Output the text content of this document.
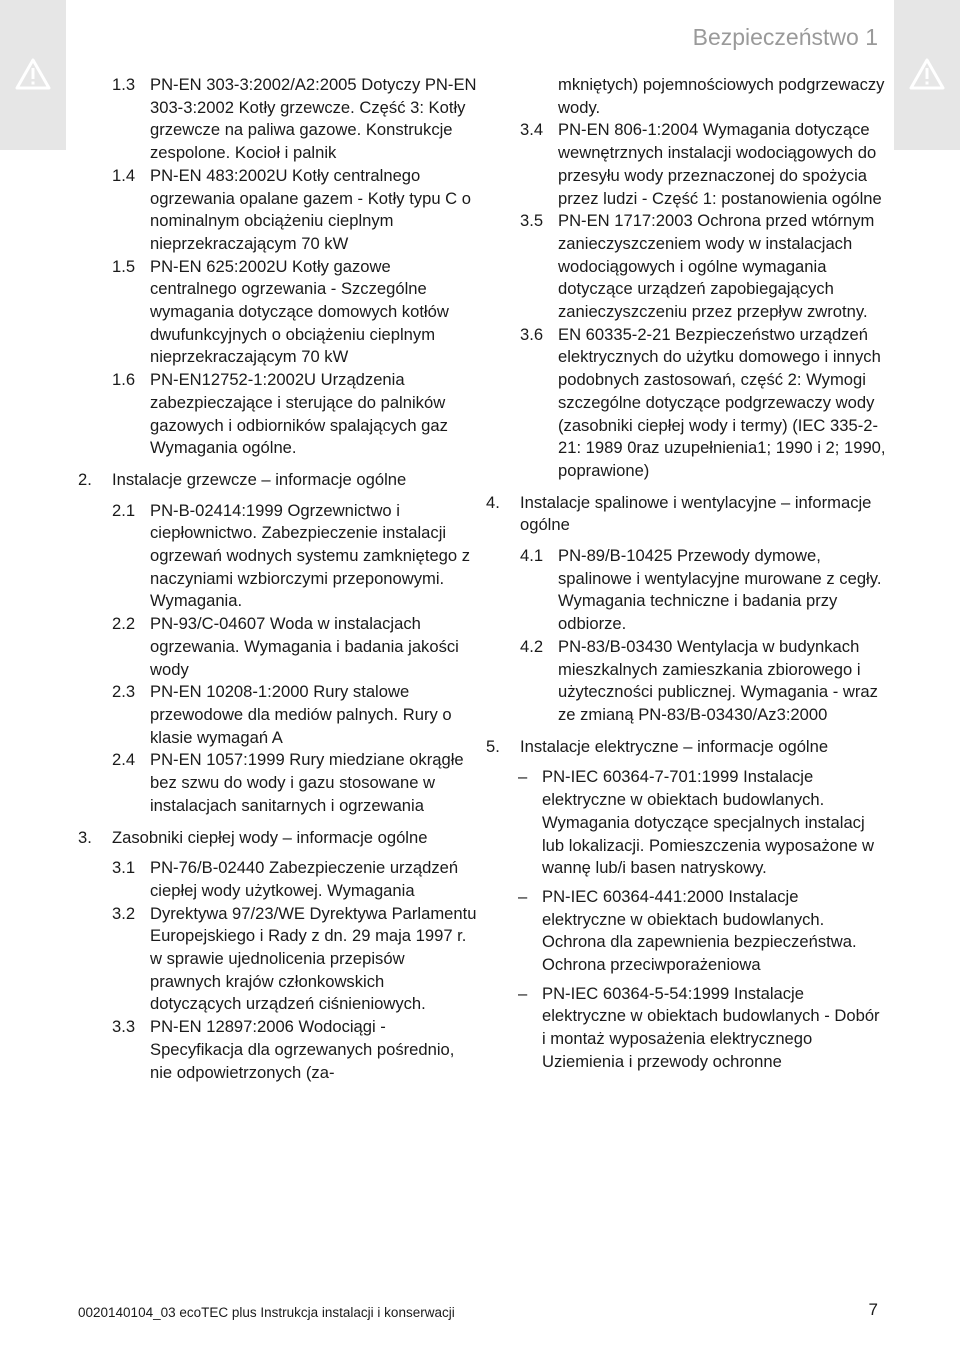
Bezpieczeństwo 1
1.3 PN-EN 303-3:2002/A2:2005 Dotyczy PN-EN 303-3:2002 Kotły grzewcze. Część 3: Kotły grzewcze na paliwa gazowe. Konstrukcje zespolone. Kocioł i palnik
1.4 PN-EN 483:2002U Kotły centralnego ogrzewania opalane gazem - Kotły typu C o nominalnym obciążeniu cieplnym nieprzekraczającym 70 kW
1.5 PN-EN 625:2002U Kotły gazowe centralnego ogrzewania - Szczególne wymagania dotyczące domowych kotłów dwufunkcyjnych o obciążeniu cieplnym nieprzekraczającym 70 kW
1.6 PN-EN12752-1:2002U Urządzenia zabezpieczające i sterujące do palników gazowych i odbiorników spalających gaz Wymagania ogólne.
2.	Instalacje grzewcze – informacje ogólne
2.1 PN-B-02414:1999 Ogrzewnictwo i ciepłownictwo. Zabezpieczenie instalacji ogrzewań wodnych systemu zamkniętego z naczyniami wzbiorczymi przeponowymi. Wymagania.
2.2 PN-93/C-04607 Woda w instalacjach ogrzewania. Wymagania i badania jakości wody
2.3 PN-EN 10208-1:2000 Rury stalowe przewodowe dla mediów palnych. Rury o klasie wymagań A
2.4 PN-EN 1057:1999 Rury miedziane okrągłe bez szwu do wody i gazu stosowane w instalacjach sanitarnych i ogrzewania
3.	Zasobniki ciepłej wody – informacje ogólne
3.1 PN-76/B-02440 Zabezpieczenie urządzeń ciepłej wody użytkowej. Wymagania
3.2 Dyrektywa 97/23/WE Dyrektywa Parlamentu Europejskiego i Rady z dn. 29 maja 1997 r. w sprawie ujednolicenia przepisów prawnych krajów członkowskich dotyczących urządzeń ciśnieniowych.
3.3 PN-EN 12897:2006 Wodociągi - Specyfikacja dla ogrzewanych pośrednio, nie odpowietrzonych (za-
mkniętych) pojemnościowych podgrzewaczy wody.
3.4 PN-EN 806-1:2004 Wymagania dotyczące wewnętrznych instalacji wodociągowych do przesyłu wody przeznaczonej do spożycia przez ludzi - Część 1: postanowienia ogólne
3.5 PN-EN 1717:2003 Ochrona przed wtórnym zanieczyszczeniem wody w instalacjach wodociągowych i ogólne wymagania dotyczące urządzeń zapobiegających zanieczyszczeniu przez przepływ zwrotny.
3.6 EN 60335-2-21 Bezpieczeństwo urządzeń elektrycznych do użytku domowego i innych podobnych zastosowań, część 2: Wymogi szczególne dotyczące podgrzewaczy wody (zasobniki ciepłej wody i termy) (IEC 335-2-21: 1989 0raz uzupełnienia1; 1990 i 2; 1990, poprawione)
4.	Instalacje spalinowe i wentylacyjne – informacje ogólne
4.1 PN-89/B-10425 Przewody dymowe, spalinowe i wentylacyjne murowane z cegły. Wymagania techniczne i badania przy odbiorze.
4.2 PN-83/B-03430 Wentylacja w budynkach mieszkalnych zamieszkania zbiorowego i użyteczności publicznej. Wymagania - wraz ze zmianą PN-83/B-03430/Az3:2000
5.	Instalacje elektryczne – informacje ogólne
– PN-IEC 60364-7-701:1999 Instalacje elektryczne w obiektach budowlanych. Wymagania dotyczące specjalnych instalacj lub lokalizacji. Pomieszczenia wyposażone w wannę lub/i basen natryskowy.
– PN-IEC 60364-441:2000 Instalacje elektryczne w obiektach budowlanych. Ochrona dla zapewnienia bezpieczeństwa. Ochrona przeciwporażeniowa
– PN-IEC 60364-5-54:1999 Instalacje elektryczne w obiektach budowlanych - Dobór i montaż wyposażenia elektrycznego Uziemienia i przewody ochronne
0020140104_03 ecoTEC plus Instrukcja instalacji i konserwacji	7
